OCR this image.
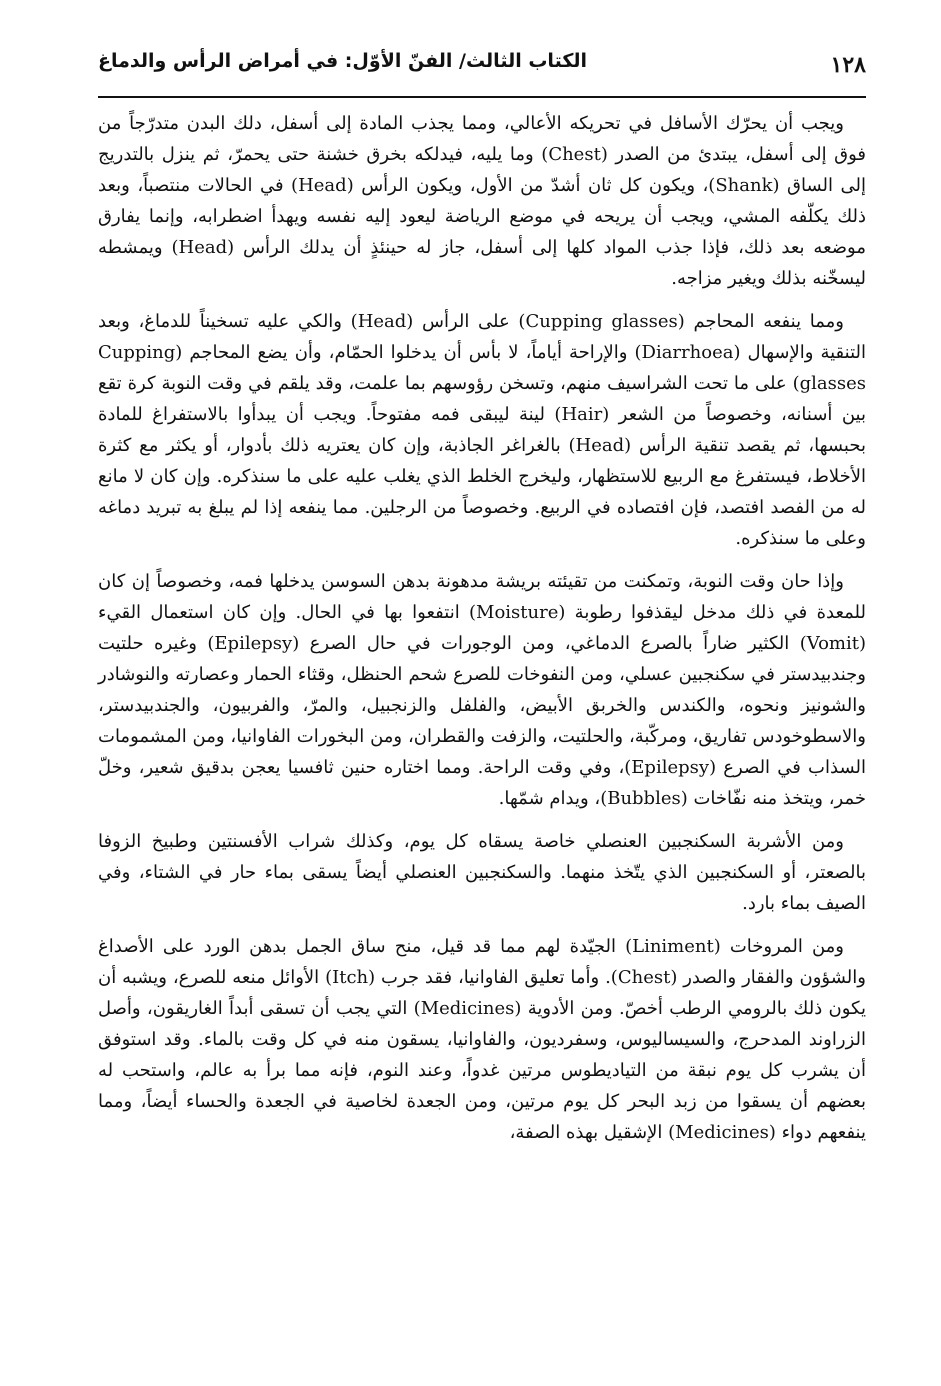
١٢٨
الكتاب الثالث/ الفنّ الأوّل: في أمراض الرأس والدماغ

ويجب أن يحرّك الأسافل في تحريكه الأعالي، ومما يجذب المادة إلى أسفل، دلك البدن متدرّجاً من فوق إلى أسفل، يبتدئ من الصدر (Chest) وما يليه، فيدلكه بخرق خشنة حتى يحمرّ، ثم ينزل بالتدريج إلى الساق (Shank)، ويكون كل ثان أشدّ من الأول، ويكون الرأس (Head) في الحالات منتصباً، وبعد ذلك يكلّفه المشي، ويجب أن يريحه في موضع الرياضة ليعود إليه نفسه ويهدأ اضطرابه، وإنما يفارق موضعه بعد ذلك، فإذا جذب المواد كلها إلى أسفل، جاز له حينئذٍ أن يدلك الرأس (Head) ويمشطه ليسخّنه بذلك ويغير مزاجه.

ومما ينفعه المحاجم (Cupping glasses) على الرأس (Head) والكي عليه تسخيناً للدماغ، وبعد التنقية والإسهال (Diarrhoea) والإراحة أياماً، لا بأس أن يدخلوا الحمّام، وأن يضع المحاجم (Cupping glasses) على ما تحت الشراسيف منهم، وتسخن رؤوسهم بما علمت، وقد يلقم في وقت النوبة كرة تقع بين أسنانه، وخصوصاً من الشعر (Hair) لينة ليبقى فمه مفتوحاً. ويجب أن يبدأوا بالاستفراغ للمادة بحبسها، ثم يقصد تنقية الرأس (Head) بالغراغر الجاذبة، وإن كان يعتريه ذلك بأدوار، أو يكثر مع كثرة الأخلاط، فيستفرغ مع الربيع للاستظهار، وليخرج الخلط الذي يغلب عليه على ما سنذكره. وإن كان لا مانع له من الفصد افتصد، فإن افتصاده في الربيع. وخصوصاً من الرجلين. مما ينفعه إذا لم يبلغ به تبريد دماغه وعلى ما سنذكره.

وإذا حان وقت النوبة، وتمكنت من تقيئته بريشة مدهونة بدهن السوسن يدخلها فمه، وخصوصاً إن كان للمعدة في ذلك مدخل ليقذفوا رطوبة (Moisture) انتفعوا بها في الحال. وإن كان استعمال القيء (Vomit) الكثير ضاراً بالصرع الدماغي، ومن الوجورات في حال الصرع (Epilepsy) وغيره حلتيت وجندبيدستر في سكنجبين عسلي، ومن النفوخات للصرع شحم الحنظل، وقثاء الحمار وعصارته والنوشادر والشونيز ونحوه، والكندس والخربق الأبيض، والفلفل والزنجبيل، والمرّ، والفربيون، والجندبيدستر، والاسطوخودس تفاريق، ومركّبة، والحلتيت، والزفت والقطران، ومن البخورات الفاوانيا، ومن المشمومات السذاب في الصرع (Epilepsy)، وفي وقت الراحة. ومما اختاره حنين ثافسيا يعجن بدقيق شعير، وخلّ خمر، ويتخذ منه نفّاخات (Bubbles)، ويدام شمّها.

ومن الأشربة السكنجبين العنصلي خاصة يسقاه كل يوم، وكذلك شراب الأفسنتين وطبيخ الزوفا بالصعتر، أو السكنجبين الذي يتّخذ منهما. والسكنجبين العنصلي أيضاً يسقى بماء حار في الشتاء، وفي الصيف بماء بارد.

ومن المروخات (Liniment) الجيّدة لهم مما قد قيل، منح ساق الجمل بدهن الورد على الأصداغ والشؤون والفقار والصدر (Chest). وأما تعليق الفاوانيا، فقد جرب (Itch) الأوائل منعه للصرع، ويشبه أن يكون ذلك بالرومي الرطب أخصّ. ومن الأدوية (Medicines) التي يجب أن تسقى أبداً الغاريقون، وأصل الزراوند المدحرج، والسيساليوس، وسفرديون، والفاوانيا، يسقون منه في كل وقت بالماء. وقد استوفق أن يشرب كل يوم نبقة من التياديطوس مرتين غدواً، وعند النوم، فإنه مما برأ به عالم، واستحب له بعضهم أن يسقوا من زبد البحر كل يوم مرتين، ومن الجعدة لخاصية في الجعدة والحساء أيضاً، ومما ينفعهم دواء (Medicines) الإشقيل بهذه الصفة،
